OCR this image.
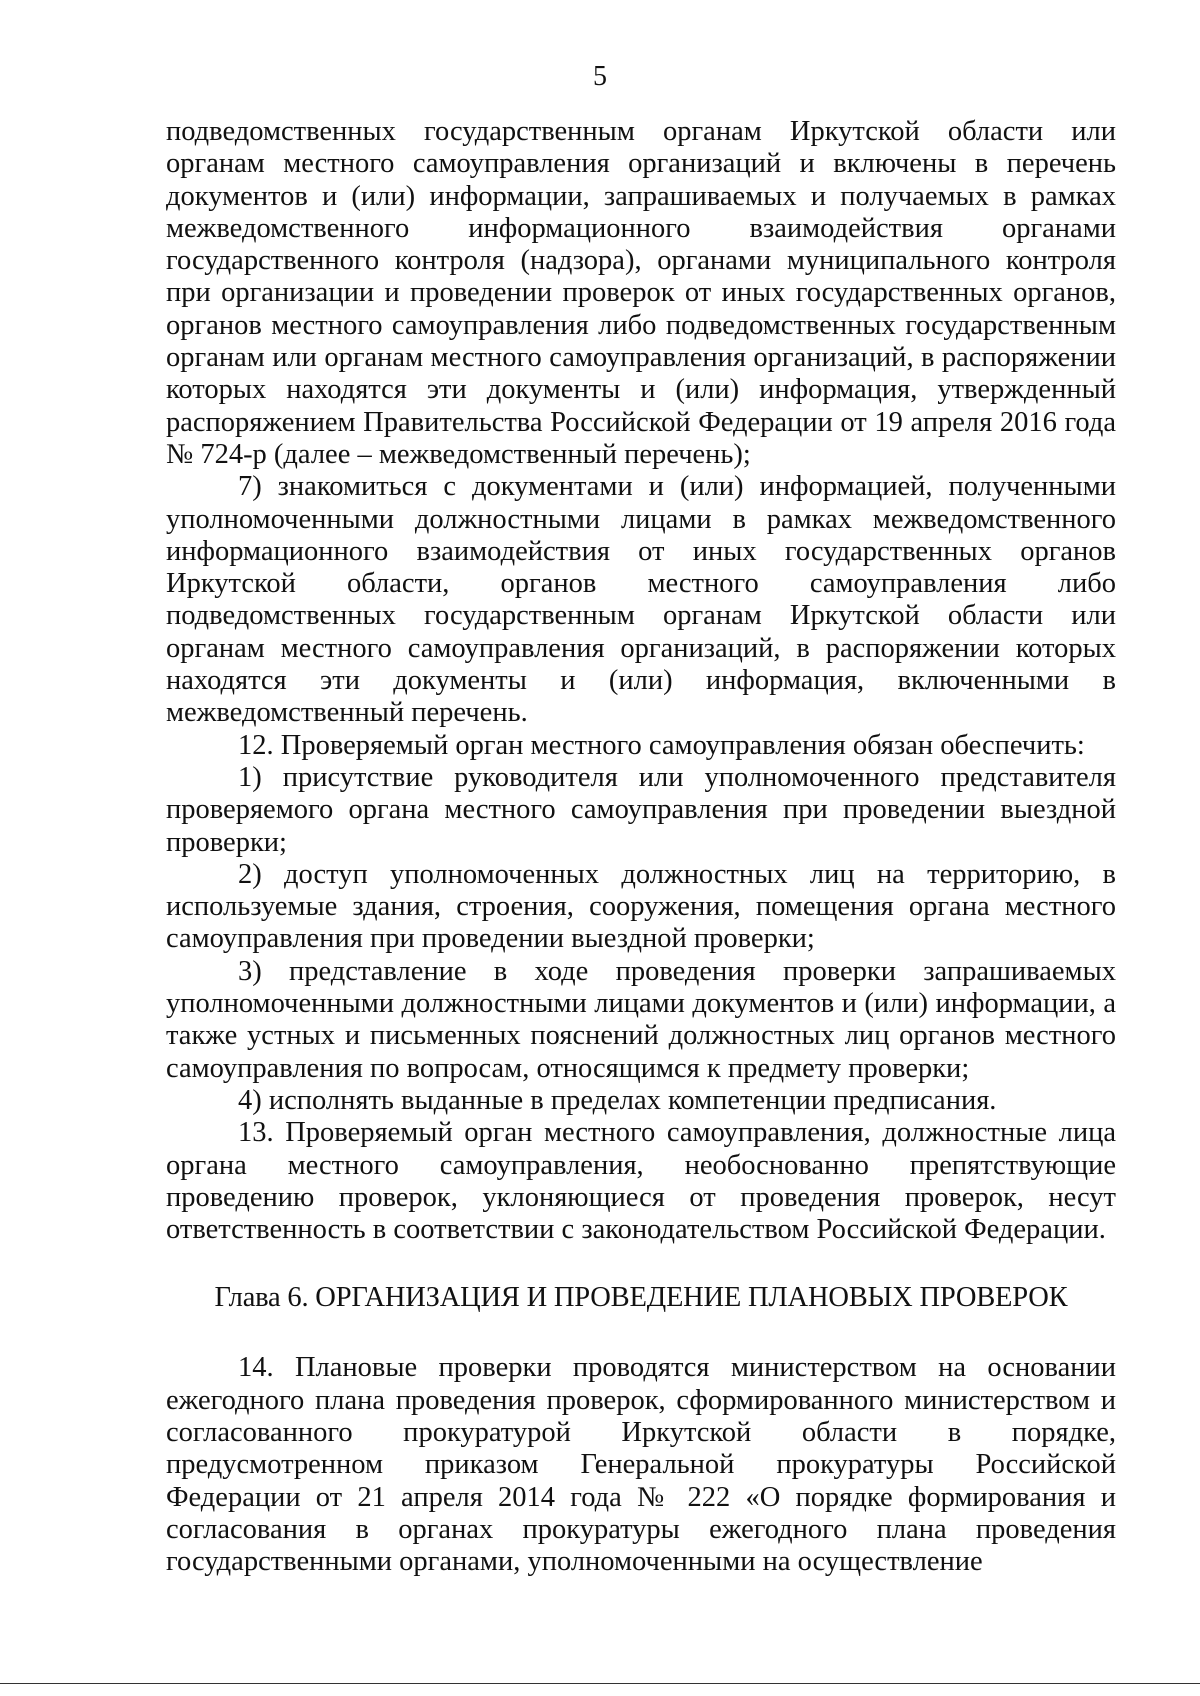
5

подведомственных государственным органам Иркутской области или органам местного самоуправления организаций и включены в перечень документов и (или) информации, запрашиваемых и получаемых в рамках межведомственного информационного взаимодействия органами государственного контроля (надзора), органами муниципального контроля при организации и проведении проверок от иных государственных органов, органов местного самоуправления либо подведомственных государственным органам или органам местного самоуправления организаций, в распоряжении которых находятся эти документы и (или) информация, утвержденный распоряжением Правительства Российской Федерации от 19 апреля 2016 года № 724-р (далее – межведомственный перечень);

7) знакомиться с документами и (или) информацией, полученными уполномоченными должностными лицами в рамках межведомственного информационного взаимодействия от иных государственных органов Иркутской области, органов местного самоуправления либо подведомственных государственным органам Иркутской области или органам местного самоуправления организаций, в распоряжении которых находятся эти документы и (или) информация, включенными в межведомственный перечень.

12. Проверяемый орган местного самоуправления обязан обеспечить:

1) присутствие руководителя или уполномоченного представителя проверяемого органа местного самоуправления при проведении выездной проверки;

2) доступ уполномоченных должностных лиц на территорию, в используемые здания, строения, сооружения, помещения органа местного самоуправления при проведении выездной проверки;

3) представление в ходе проведения проверки запрашиваемых уполномоченными должностными лицами документов и (или) информации, а также устных и письменных пояснений должностных лиц органов местного самоуправления по вопросам, относящимся к предмету проверки;

4) исполнять выданные в пределах компетенции предписания.

13. Проверяемый орган местного самоуправления, должностные лица органа местного самоуправления, необоснованно препятствующие проведению проверок, уклоняющиеся от проведения проверок, несут ответственность в соответствии с законодательством Российской Федерации.

Глава 6. ОРГАНИЗАЦИЯ И ПРОВЕДЕНИЕ ПЛАНОВЫХ ПРОВЕРОК

14. Плановые проверки проводятся министерством на основании ежегодного плана проведения проверок, сформированного министерством и согласованного прокуратурой Иркутской области в порядке, предусмотренном приказом Генеральной прокуратуры Российской Федерации от 21 апреля 2014 года № 222 «О порядке формирования и согласования в органах прокуратуры ежегодного плана проведения государственными органами, уполномоченными на осуществление
